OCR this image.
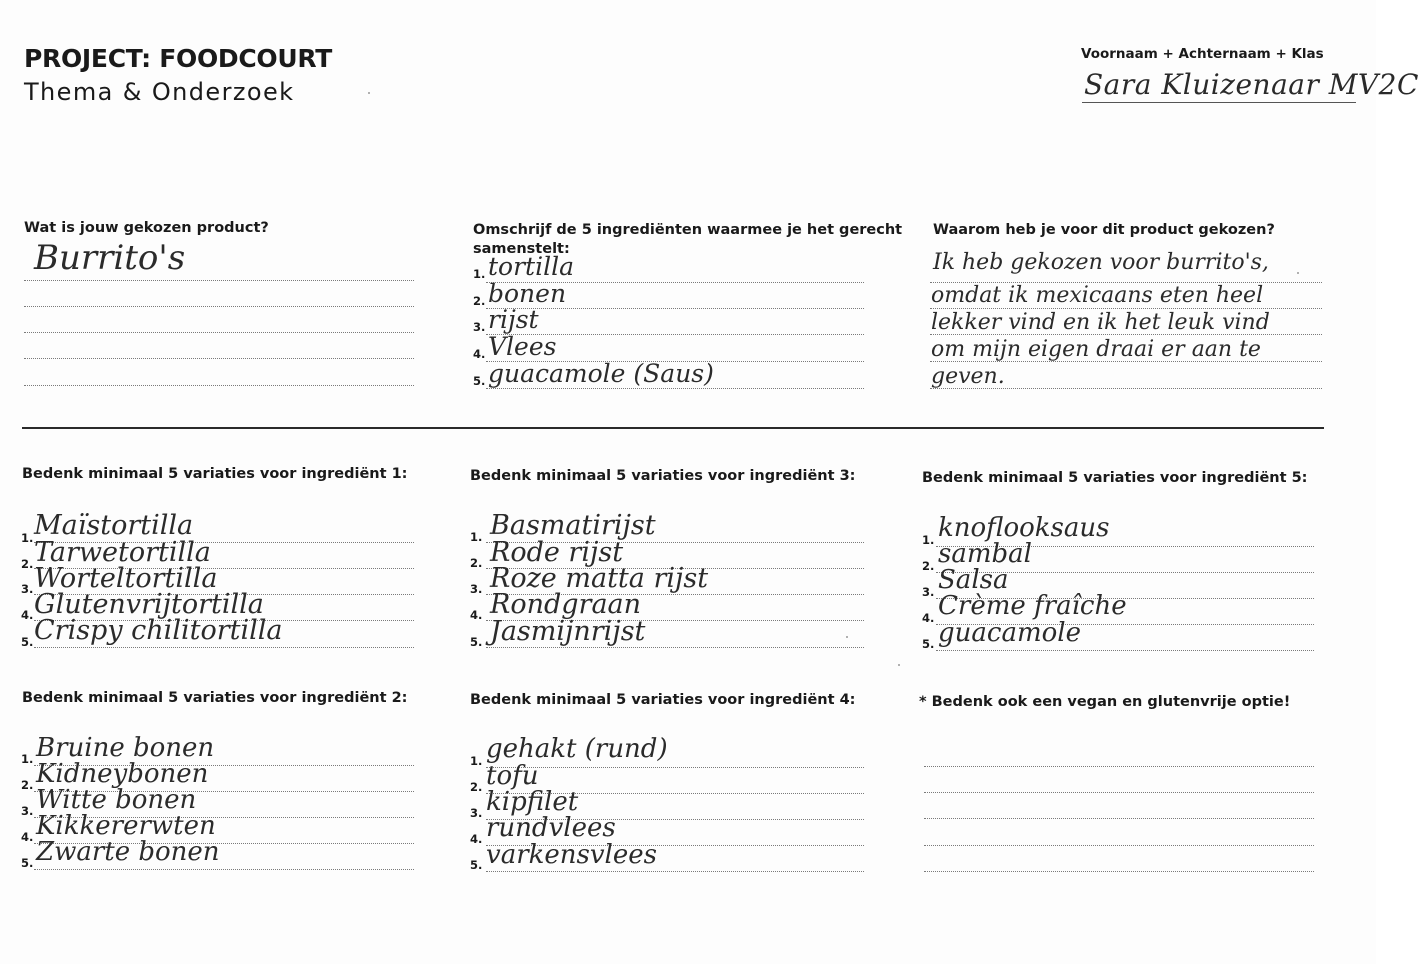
PROJECT: FOODCOURT
Thema & Onderzoek
Voornaam + Achternaam + Klas
Sara Kluizenaar MV2C
Wat is jouw gekozen product?
Burrito's
Omschrijf de 5 ingrediënten waarmee je het gerecht
samenstelt:
1. tortilla
2. bonen
3. rijst
4. Vlees
5. guacamole (Saus)
Waarom heb je voor dit product gekozen?
Ik heb gekozen voor burrito's,
omdat ik mexicaans eten heel
lekker vind en ik het leuk vind
om mijn eigen draai er aan te
geven.
Bedenk minimaal 5 variaties voor ingrediënt 1:
1. Maïstortilla
2. Tarwetortilla
3. Worteltortilla
4. Glutenvrijtortilla
5. Crispy chilitortilla
Bedenk minimaal 5 variaties voor ingrediënt 2:
1. Bruine bonen
2. Kidneybonen
3. Witte bonen
4. Kikkererwten
5. Zwarte bonen
Bedenk minimaal 5 variaties voor ingrediënt 3:
1. Basmatirijst
2. Rode rijst
3. Roze matta rijst
4. Rondgraan
5. Jasmijnrijst
Bedenk minimaal 5 variaties voor ingrediënt 4:
1. gehakt (rund)
2. tofu
3. kipfilet
4. rundvlees
5. varkensvlees
Bedenk minimaal 5 variaties voor ingrediënt 5:
1. knoflooksaus
2. sambal
3. Salsa
4. Crème fraîche
5. guacamole
* Bedenk ook een vegan en glutenvrije optie!
